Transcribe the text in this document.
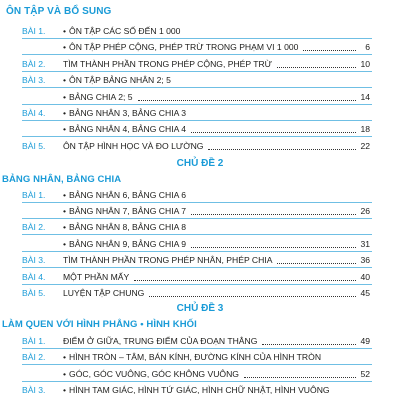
ÔN TẬP VÀ BỔ SUNG
BÀI 1.	• ÔN TẬP CÁC SỐ ĐẾN 1 000
• ÔN TẬP PHÉP CỘNG, PHÉP TRỪ TRONG PHẠM VI 1 000	6
BÀI 2. TÌM THÀNH PHẦN TRONG PHÉP CỘNG, PHÉP TRỪ	10
BÀI 3.	• ÔN TẬP BẢNG NHÂN 2; 5
• BẢNG CHIA 2; 5	14
BÀI 4.	• BẢNG NHÂN 3, BẢNG CHIA 3
• BẢNG NHÂN 4, BẢNG CHIA 4	18
BÀI 5. ÔN TẬP HÌNH HỌC VÀ ĐO LƯỜNG	22
CHỦ ĐỀ 2
BẢNG NHÂN, BẢNG CHIA
BÀI 1.	• BẢNG NHÂN 6, BẢNG CHIA 6
• BẢNG NHÂN 7, BẢNG CHIA 7	26
BÀI 2.	• BẢNG NHÂN 8, BẢNG CHIA 8
• BẢNG NHÂN 9, BẢNG CHIA 9	31
BÀI 3. TÌM THÀNH PHẦN TRONG PHÉP NHÂN, PHÉP CHIA	36
BÀI 4. MỘT PHẦN MẤY	40
BÀI 5. LUYỆN TẬP CHUNG	45
CHỦ ĐỀ 3
LÀM QUEN VỚI HÌNH PHẲNG • HÌNH KHỐI
BÀI 1. ĐIỂM Ở GIỮA, TRUNG ĐIỂM CỦA ĐOẠN THẲNG	49
BÀI 2.	• HÌNH TRÒN – TÂM, BÁN KÍNH, ĐƯỜNG KÍNH CỦA HÌNH TRÒN
• GÓC, GÓC VUÔNG, GÓC KHÔNG VUÔNG	52
BÀI 3.	• HÌNH TAM GIÁC, HÌNH TỨ GIÁC, HÌNH CHỮ NHẬT, HÌNH VUÔNG
